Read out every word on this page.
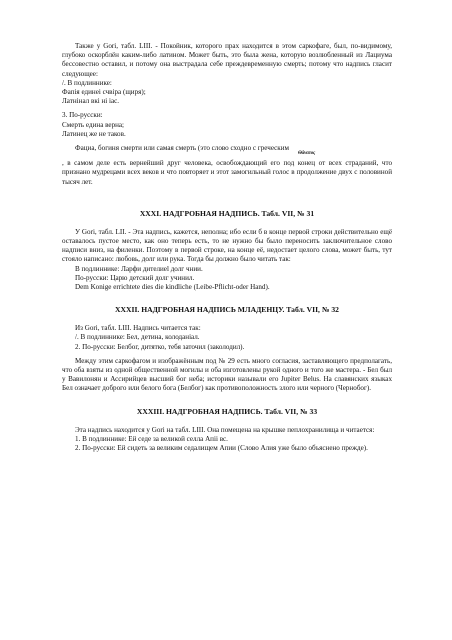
Также у Gori, табл. LIII. - Покойник, которого прах находится в этом саркофаге, был, по-видимому, глубоко оскорблён каким-либо латином. Может быть, это была жена, которую возлюбленный из Лациума бессовестно оставил, и потому она выстрадала себе преждевременную смерть; потому что надпись гласит следующее:

/. В подлиннике:

Фапiя единеi счвiра (щиря);

Латнiнал вкi нi iас.

3. По-русски:

Смерть едина верна;

Латинец же не таков.

Фациа, богиня смерти или самая смерть (это слово сходно с греческим

Θάνατος

, в самом деле есть вернейший друг человека, освобождающий его под конец от всех страданий, что признано мудрецами всех веков и что повторяет и этот замогильный голос в продолжение двух с половиной тысяч лет.

XXXI. НАДГРОБНАЯ НАДПИСЬ. Табл. VII, № 31

У Gori, табл. LII. - Эта надпись, кажется, неполна; ибо если б в конце первой строки действительно ещё оставалось пустое место, как оно теперь есть, то не нужно бы было переносить заключительное слово надписи вниз, на филенки. Поэтому в первой строке, на конце её, недостает целого слова, может быть, тут стояло написано: любовь, долг или рука. Тогда бы должно было читать так:

В подлиннике: Ларфи дителиеl долг чнии.

По-русски: Царю детский долг учинил.

Dem Konige errichtete dies die kindliche (Leibe-Pflicht-oder Hand).

XXXII. НАДГРОБНАЯ НАДПИСЬ МЛАДЕНЦУ. Табл. VII, № 32

Из Gori, табл. LIII. Надпись читается так:

/. В подлиннике: Бел, детина, колоданiал.

2. По-русски: Белбог, дитятко, тебя заточил (заколодил).

Между этим саркофагом и изображённым под № 29 есть много согласия, заставляющего предполагать, что оба взяты из одной общественной могилы и оба изготовлены рукой одного и того же мастера. - Бел был у Вавилонян и Ассирийцев высший бог неба; историки называли его Jupiter Belus. На славянских языках Бел означает доброго или белого бога (Белбог) как противоположность злого или черного (Чернобог).

XXXIII. НАДГРОБНАЯ НАДПИСЬ. Табл. VII, № 33

Эта надпись находится у Gori на табл. LIII. Она помещена на крышке пеплохранилища и читается:

1. В подлиннике: Ей седе за великой селла Апii вс.

2. По-русски: Ей сидеть за великим седалищем Апии (Слово Алия уже было объяснено прежде).
